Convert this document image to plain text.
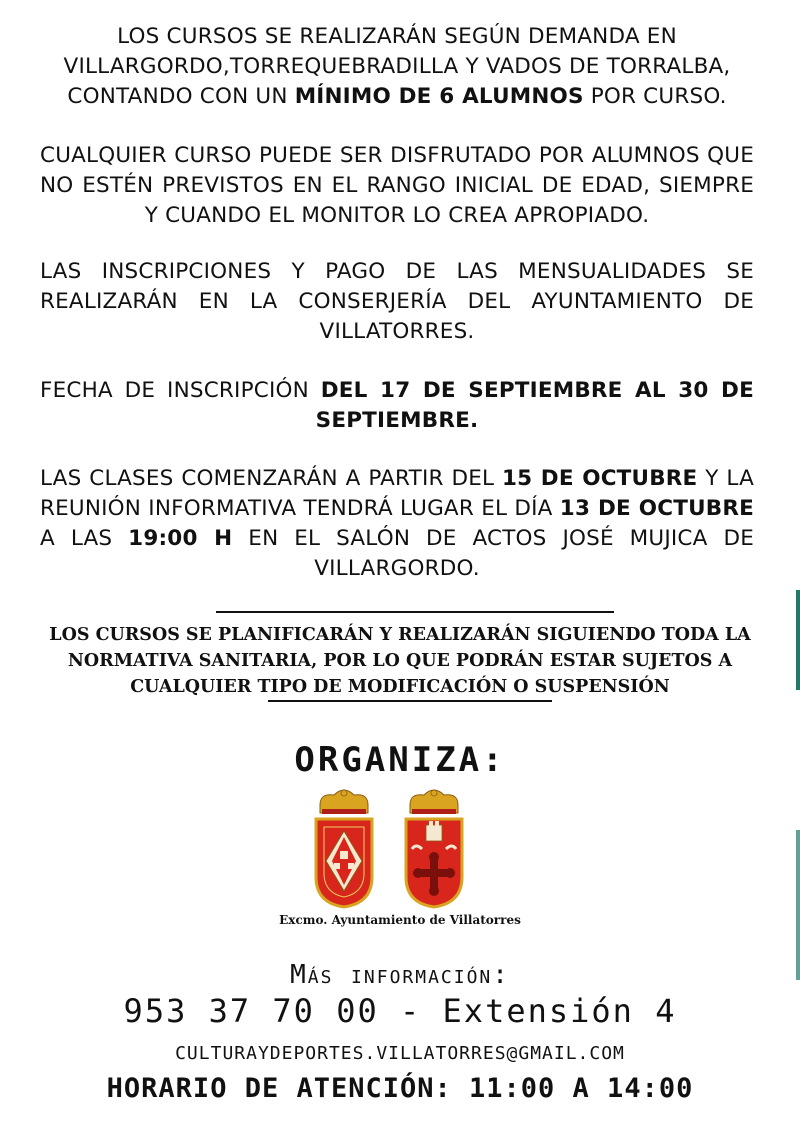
LOS CURSOS SE REALIZARÁN SEGÚN DEMANDA EN VILLARGORDO,TORREQUEBRADILLA Y VADOS DE TORRALBA, CONTANDO CON UN MÍNIMO DE 6 ALUMNOS POR CURSO.
CUALQUIER CURSO PUEDE SER DISFRUTADO POR ALUMNOS QUE NO ESTÉN PREVISTOS EN EL RANGO INICIAL DE EDAD, SIEMPRE Y CUANDO EL MONITOR LO CREA APROPIADO.
LAS INSCRIPCIONES Y PAGO DE LAS MENSUALIDADES SE REALIZARÁN EN LA CONSERJERÍA DEL AYUNTAMIENTO DE VILLATORRES.
FECHA DE INSCRIPCIÓN DEL 17 DE SEPTIEMBRE AL 30 DE SEPTIEMBRE.
LAS CLASES COMENZARÁN A PARTIR DEL 15 DE OCTUBRE Y LA REUNIÓN INFORMATIVA TENDRÁ LUGAR EL DÍA 13 DE OCTUBRE A LAS 19:00 H EN EL SALÓN DE ACTOS JOSÉ MUJICA DE VILLARGORDO.
LOS CURSOS SE PLANIFICARÁN Y REALIZARÁN SIGUIENDO TODA LA NORMATIVA SANITARIA, POR LO QUE PODRÁN ESTAR SUJETOS A CUALQUIER TIPO DE MODIFICACIÓN O SUSPENSIÓN
ORGANIZA:
Excmo. Ayuntamiento de Villatorres
Más información:
953 37 70 00 - Extensión 4
CULTURAYDEPORTES.VILLATORRES@GMAIL.COM
HORARIO DE ATENCIÓN: 11:00 A 14:00
